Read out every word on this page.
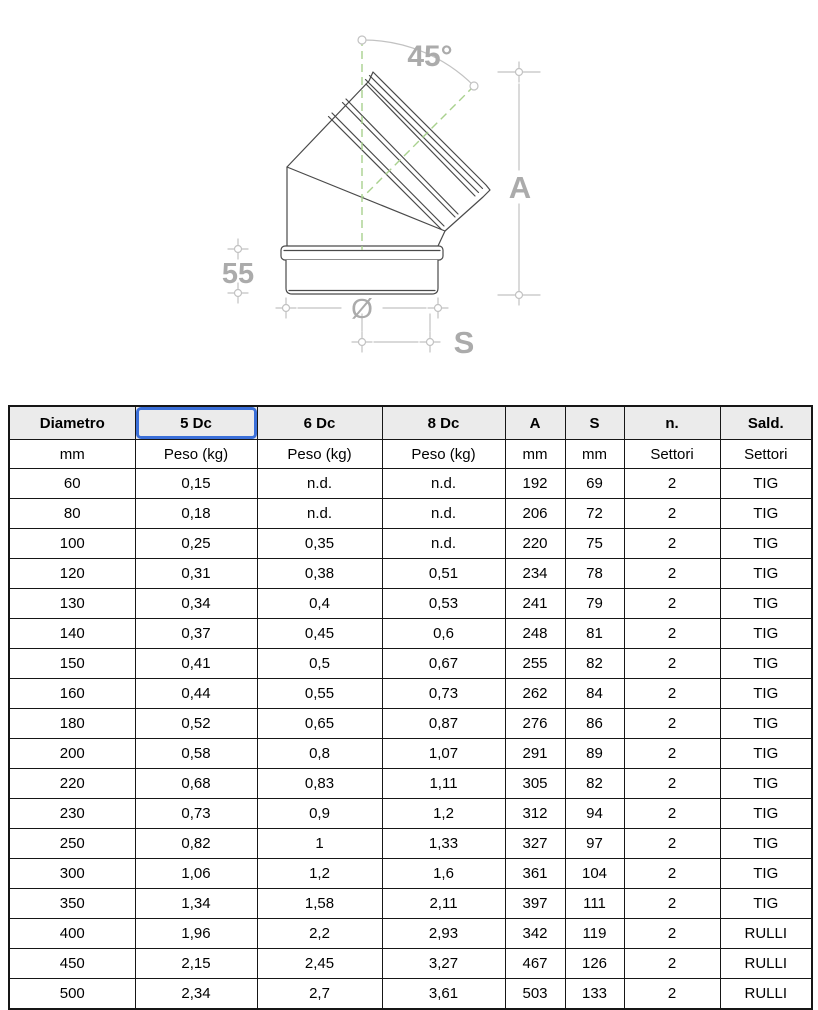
45°
A
55
Ø
S
Diametro	5 Dc	6 Dc	8 Dc	A	S	n.	Sald.

mm	Peso (kg)	Peso (kg)	Peso (kg)	mm	mm	Settori	Settori
60	0,15	n.d.	n.d.	192	69	2	TIG
80	0,18	n.d.	n.d.	206	72	2	TIG
100	0,25	0,35	n.d.	220	75	2	TIG
120	0,31	0,38	0,51	234	78	2	TIG
130	0,34	0,4	0,53	241	79	2	TIG
140	0,37	0,45	0,6	248	81	2	TIG
150	0,41	0,5	0,67	255	82	2	TIG
160	0,44	0,55	0,73	262	84	2	TIG
180	0,52	0,65	0,87	276	86	2	TIG
200	0,58	0,8	1,07	291	89	2	TIG
220	0,68	0,83	1,11	305	82	2	TIG
230	0,73	0,9	1,2	312	94	2	TIG
250	0,82	1	1,33	327	97	2	TIG
300	1,06	1,2	1,6	361	104	2	TIG
350	1,34	1,58	2,11	397	111	2	TIG
400	1,96	2,2	2,93	342	119	2	RULLI
450	2,15	2,45	3,27	467	126	2	RULLI
500	2,34	2,7	3,61	503	133	2	RULLI
